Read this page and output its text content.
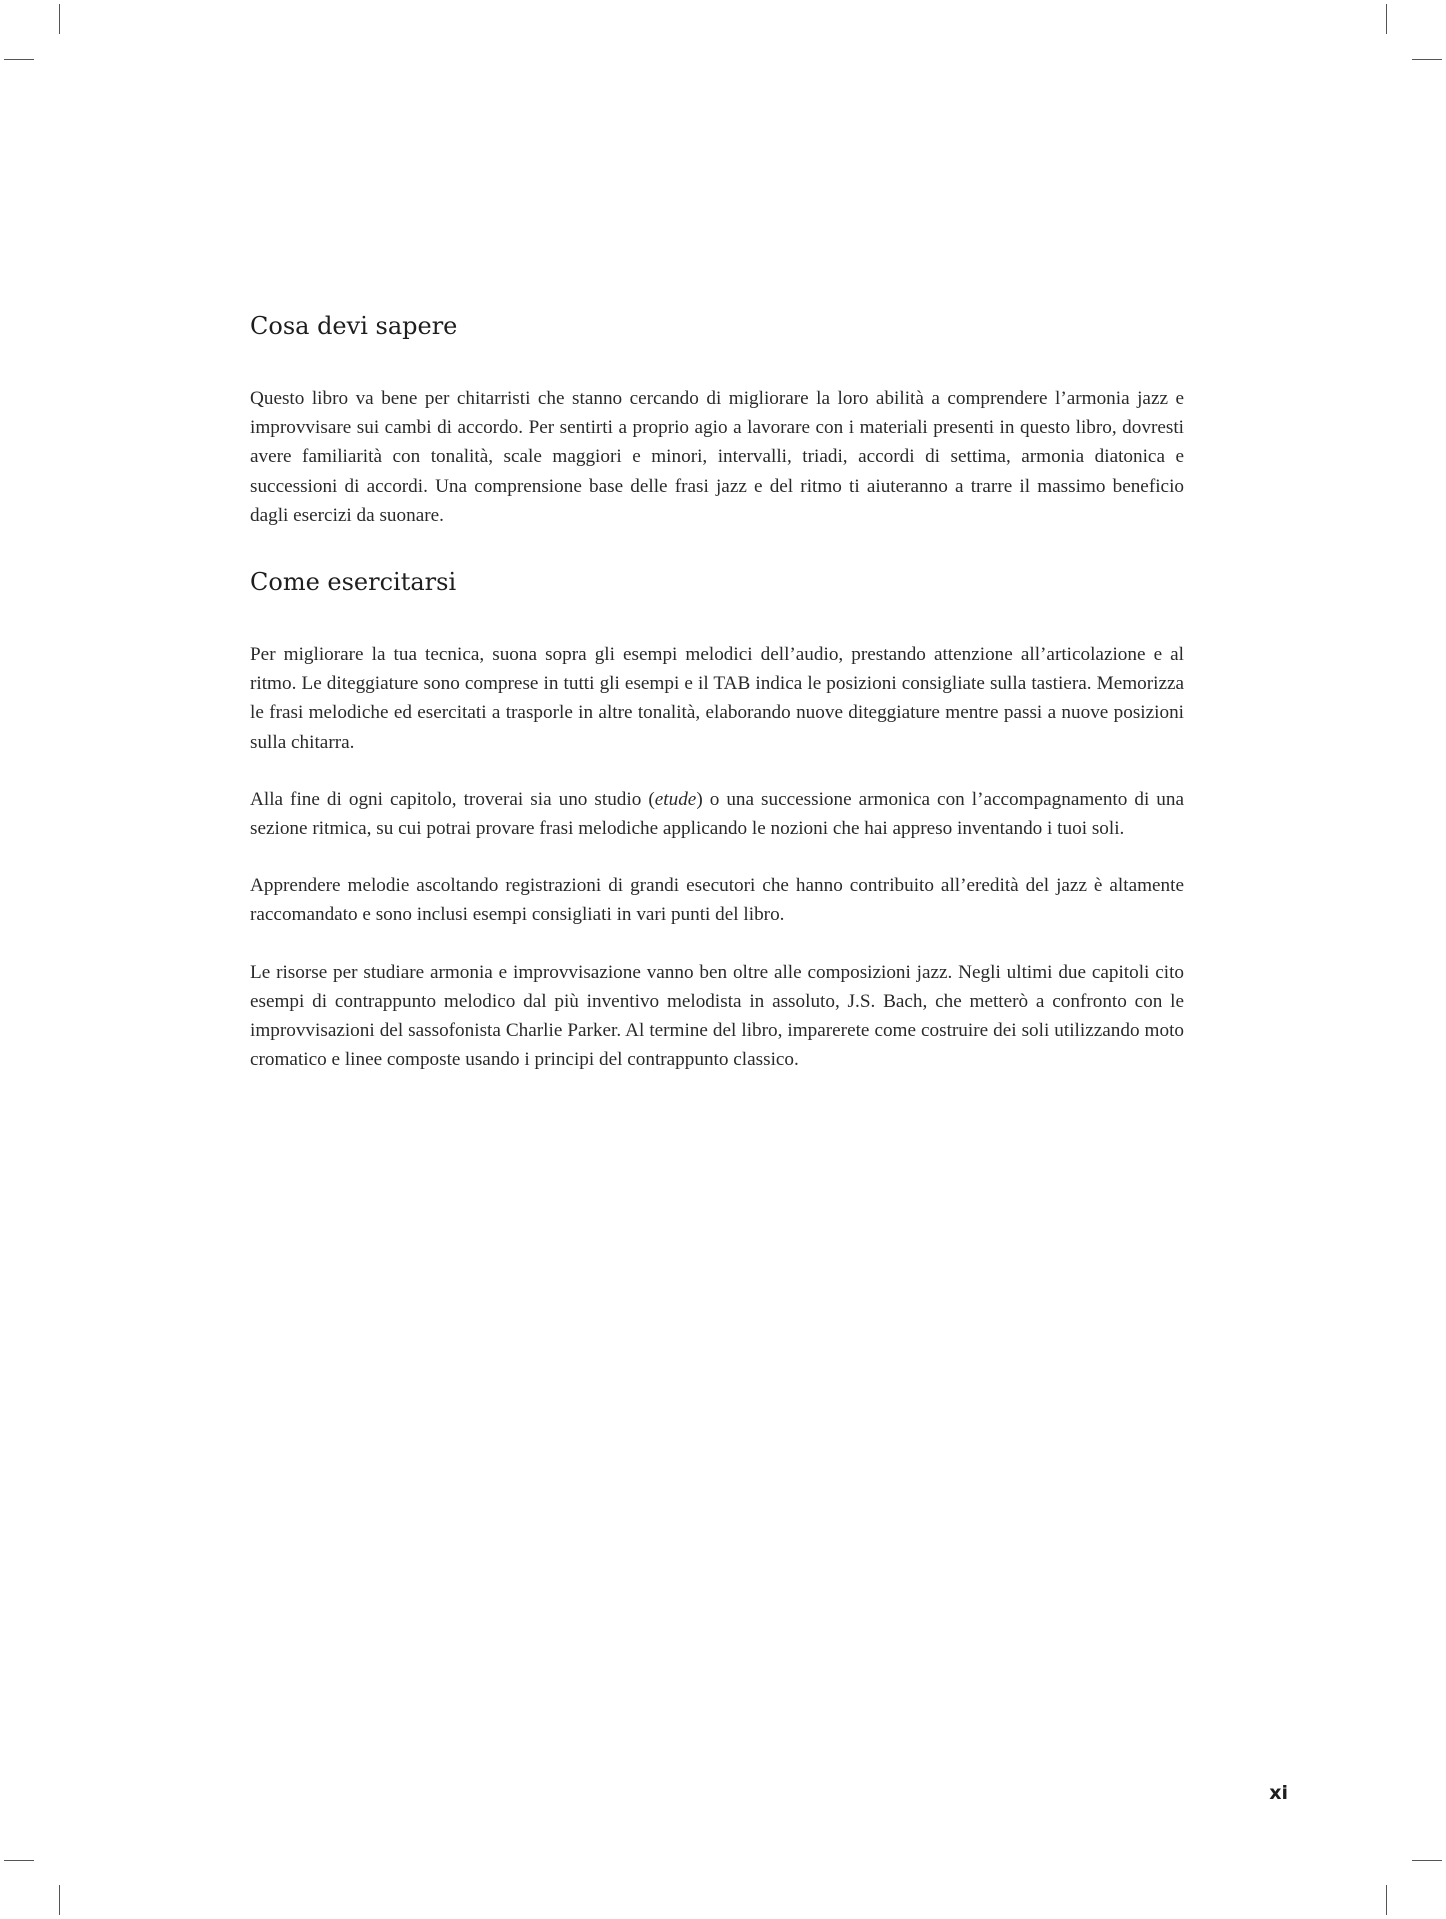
Cosa devi sapere

Questo libro va bene per chitarristi che stanno cercando di migliorare la loro abilità a comprendere l’armonia jazz e improvvisare sui cambi di accordo. Per sentirti a proprio agio a lavorare con i materiali presenti in questo libro, dovresti avere familiarità con tonalità, scale maggiori e minori, intervalli, triadi, accordi di settima, armonia diatonica e successioni di accordi. Una comprensione base delle frasi jazz e del ritmo ti aiuteranno a trarre il massimo beneficio dagli esercizi da suonare.

Come esercitarsi

Per migliorare la tua tecnica, suona sopra gli esempi melodici dell’audio, prestando attenzione all’articolazione e al ritmo. Le diteggiature sono comprese in tutti gli esempi e il TAB indica le posizioni consigliate sulla tastiera. Memorizza le frasi melodiche ed esercitati a trasporle in altre tonalità, elaborando nuove diteggiature mentre passi a nuove posizioni sulla chitarra.

Alla fine di ogni capitolo, troverai sia uno studio (etude) o una successione armonica con l’accompagnamento di una sezione ritmica, su cui potrai provare frasi melodiche applicando le nozioni che hai appreso inventando i tuoi soli.

Apprendere melodie ascoltando registrazioni di grandi esecutori che hanno contribuito all’eredità del jazz è altamente raccomandato e sono inclusi esempi consigliati in vari punti del libro.

Le risorse per studiare armonia e improvvisazione vanno ben oltre alle composizioni jazz. Negli ultimi due capitoli cito esempi di contrappunto melodico dal più inventivo melodista in assoluto, J.S. Bach, che metterò a confronto con le improvvisazioni del sassofonista Charlie Parker. Al termine del libro, imparerete come costruire dei soli utilizzando moto cromatico e linee composte usando i principi del contrappunto classico.

xi
